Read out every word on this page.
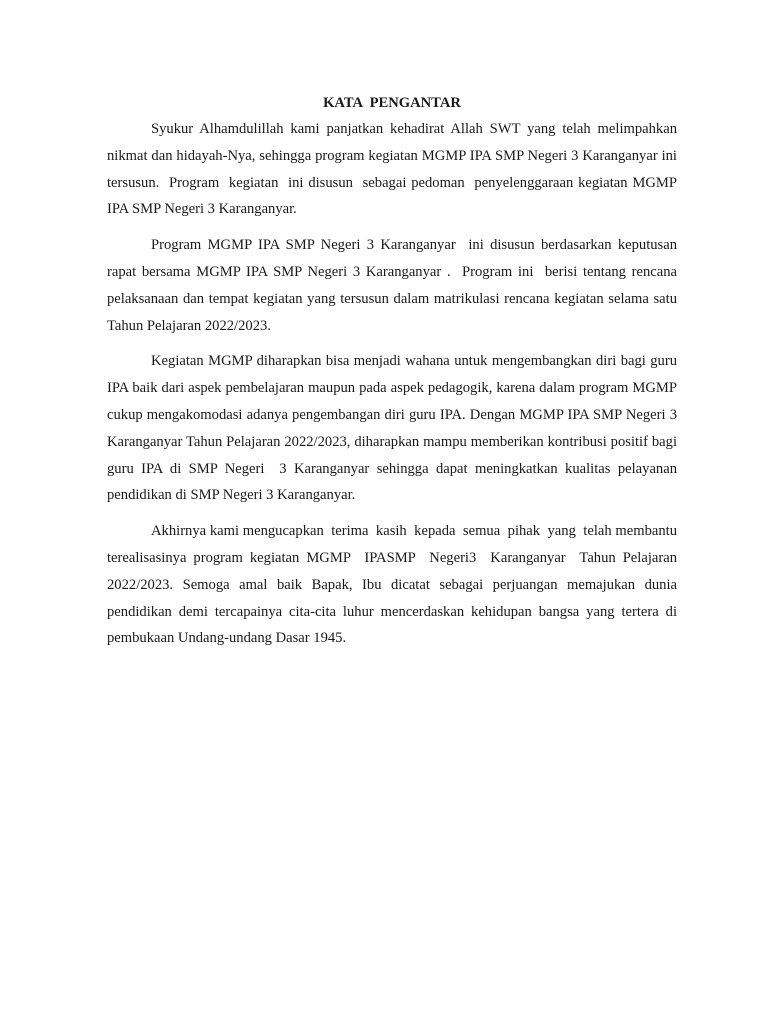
KATA  PENGANTAR

Syukur Alhamdulillah kami panjatkan kehadirat Allah SWT yang telah melimpahkan nikmat dan hidayah-Nya, sehingga program kegiatan MGMP IPA SMP Negeri 3 Karanganyar ini tersusun.  Program  kegiatan  ini disusun  sebagai pedoman  penyelenggaraan kegiatan MGMP IPA SMP Negeri 3 Karanganyar.

Program MGMP IPA SMP Negeri 3 Karanganyar  ini disusun berdasarkan keputusan rapat bersama MGMP IPA SMP Negeri 3 Karanganyar .  Program ini  berisi tentang rencana pelaksanaan dan tempat kegiatan yang tersusun dalam matrikulasi rencana kegiatan selama satu Tahun Pelajaran 2022/2023.

Kegiatan MGMP diharapkan bisa menjadi wahana untuk mengembangkan diri bagi guru IPA baik dari aspek pembelajaran maupun pada aspek pedagogik, karena dalam program MGMP cukup mengakomodasi adanya pengembangan diri guru IPA. Dengan MGMP IPA SMP Negeri 3 Karanganyar Tahun Pelajaran 2022/2023, diharapkan mampu memberikan kontribusi positif bagi guru IPA di SMP Negeri  3 Karanganyar sehingga dapat meningkatkan kualitas pelayanan pendidikan di SMP Negeri 3 Karanganyar.

Akhirnya kami mengucapkan  terima  kasih  kepada  semua  pihak  yang  telah membantu terealisasinya program kegiatan MGMP  IPASMP  Negeri3  Karanganyar  Tahun Pelajaran 2022/2023. Semoga amal baik Bapak, Ibu dicatat sebagai perjuangan memajukan dunia pendidikan demi tercapainya cita-cita luhur mencerdaskan kehidupan bangsa yang tertera di pembukaan Undang-undang Dasar 1945.
